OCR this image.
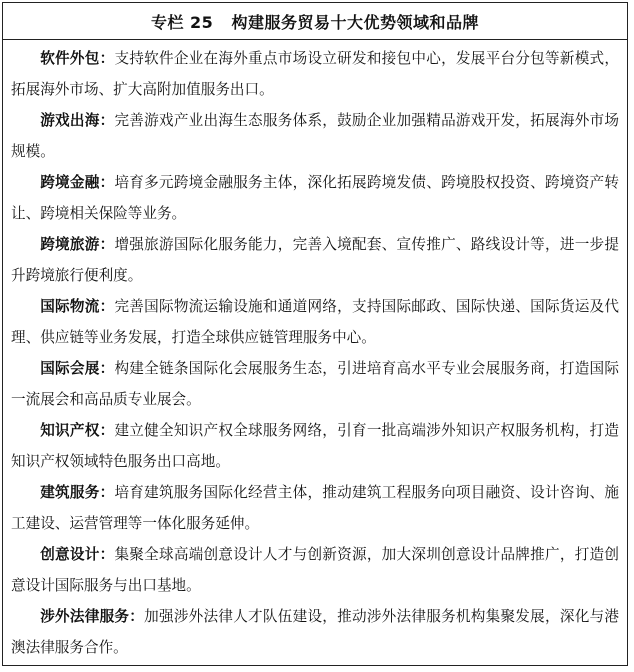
专栏 25   构建服务贸易十大优势领域和品牌

软件外包：支持软件企业在海外重点市场设立研发和接包中心，发展平台分包等新模式，拓展海外市场、扩大高附加值服务出口。

游戏出海：完善游戏产业出海生态服务体系，鼓励企业加强精品游戏开发，拓展海外市场规模。

跨境金融：培育多元跨境金融服务主体，深化拓展跨境发债、跨境股权投资、跨境资产转让、跨境相关保险等业务。

跨境旅游：增强旅游国际化服务能力，完善入境配套、宣传推广、路线设计等，进一步提升跨境旅行便利度。

国际物流：完善国际物流运输设施和通道网络，支持国际邮政、国际快递、国际货运及代理、供应链等业务发展，打造全球供应链管理服务中心。

国际会展：构建全链条国际化会展服务生态，引进培育高水平专业会展服务商，打造国际一流展会和高品质专业展会。

知识产权：建立健全知识产权全球服务网络，引育一批高端涉外知识产权服务机构，打造知识产权领域特色服务出口高地。

建筑服务：培育建筑服务国际化经营主体，推动建筑工程服务向项目融资、设计咨询、施工建设、运营管理等一体化服务延伸。

创意设计：集聚全球高端创意设计人才与创新资源，加大深圳创意设计品牌推广，打造创意设计国际服务与出口基地。

涉外法律服务：加强涉外法律人才队伍建设，推动涉外法律服务机构集聚发展，深化与港澳法律服务合作。
